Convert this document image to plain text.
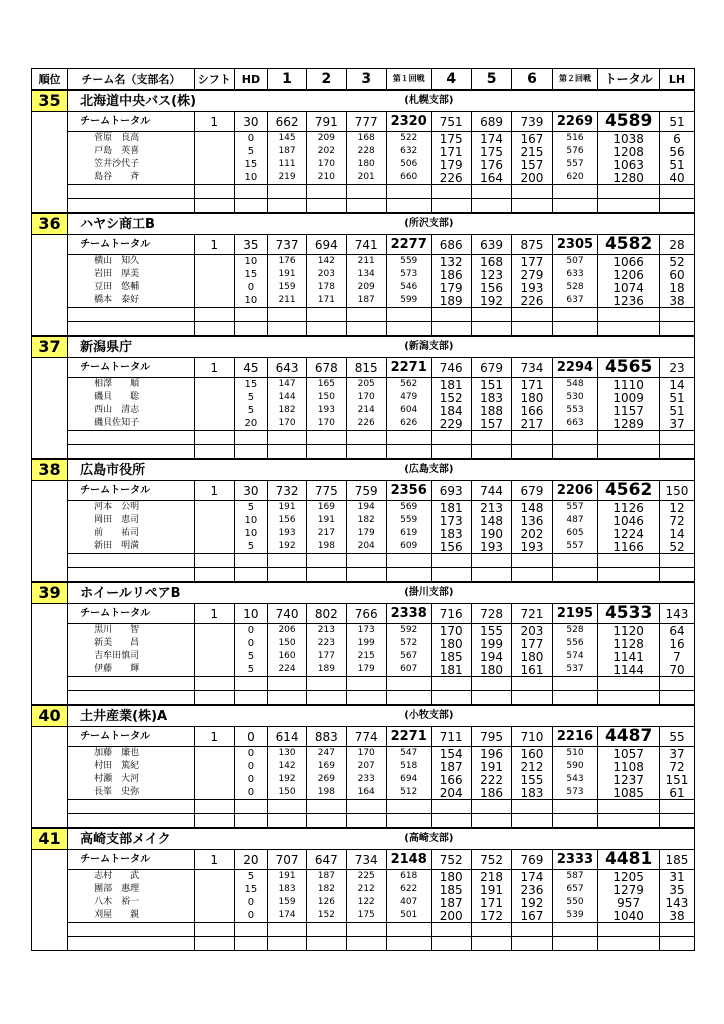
順位	チーム名（支部名）	シフト	HD	1	2	3	第１回戦	4	5	6	第２回戦	トータル	LH
35	北海道中央バス(株)					(札幌支部)							
	チームトータル	1	30	662	791	777	2320	751	689	739	2269	4589	51
	菅原　良高		0	145	209	168	522	175	174	167	516	1038	6
	戸島　英喜		5	187	202	228	632	171	175	215	576	1208	56
	笠井沙代子		15	111	170	180	506	179	176	157	557	1063	51
	島谷　　斉		10	219	210	201	660	226	164	200	620	1280	40

36	ハヤシ商工B					(所沢支部)							
	チームトータル	1	35	737	694	741	2277	686	639	875	2305	4582	28
	横山　知久		10	176	142	211	559	132	168	177	507	1066	52
	岩田　厚美		15	191	203	134	573	186	123	279	633	1206	60
	豆田　悠輔		0	159	178	209	546	179	156	193	528	1074	18
	橋本　泰好		10	211	171	187	599	189	192	226	637	1236	38

37	新潟県庁					(新潟支部)							
	チームトータル	1	45	643	678	815	2271	746	679	734	2294	4565	23
	相澤　　順		15	147	165	205	562	181	151	171	548	1110	14
	磯貝　　聡		5	144	150	170	479	152	183	180	530	1009	51
	西山　清志		5	182	193	214	604	184	188	166	553	1157	51
	磯貝佐知子		20	170	170	226	626	229	157	217	663	1289	37

38	広島市役所					(広島支部)							
	チームトータル	1	30	732	775	759	2356	693	744	679	2206	4562	150
	河本　公明		5	191	169	194	569	181	213	148	557	1126	12
	岡田　恵司		10	156	191	182	559	173	148	136	487	1046	72
	前　　祐司		10	193	217	179	619	183	190	202	605	1224	14
	新田　明満		5	192	198	204	609	156	193	193	557	1166	52

39	ホイールリペアB					(掛川支部)							
	チームトータル	1	10	740	802	766	2338	716	728	721	2195	4533	143
	黒川　　智		0	206	213	173	592	170	155	203	528	1120	64
	新美　　昌		0	150	223	199	572	180	199	177	556	1128	16
	吉牟田慎司		5	160	177	215	567	185	194	180	574	1141	7
	伊藤　　輝		5	224	189	179	607	181	180	161	537	1144	70

40	土井産業(株)A					(小牧支部)							
	チームトータル	1	0	614	883	774	2271	711	795	710	2216	4487	55
	加藤　廉也		0	130	247	170	547	154	196	160	510	1057	37
	村田　篤紀		0	142	169	207	518	187	191	212	590	1108	72
	村瀬　大河		0	192	269	233	694	166	222	155	543	1237	151
	長峯　史弥		0	150	198	164	512	204	186	183	573	1085	61

41	高崎支部メイク					(高崎支部)							
	チームトータル	1	20	707	647	734	2148	752	752	769	2333	4481	185
	志村　　武		5	191	187	225	618	180	218	174	587	1205	31
	團部　惠理		15	183	182	212	622	185	191	236	657	1279	35
	八木　裕一		0	159	126	122	407	187	171	192	550	957	143
	刈屋　　親		0	174	152	175	501	200	172	167	539	1040	38
